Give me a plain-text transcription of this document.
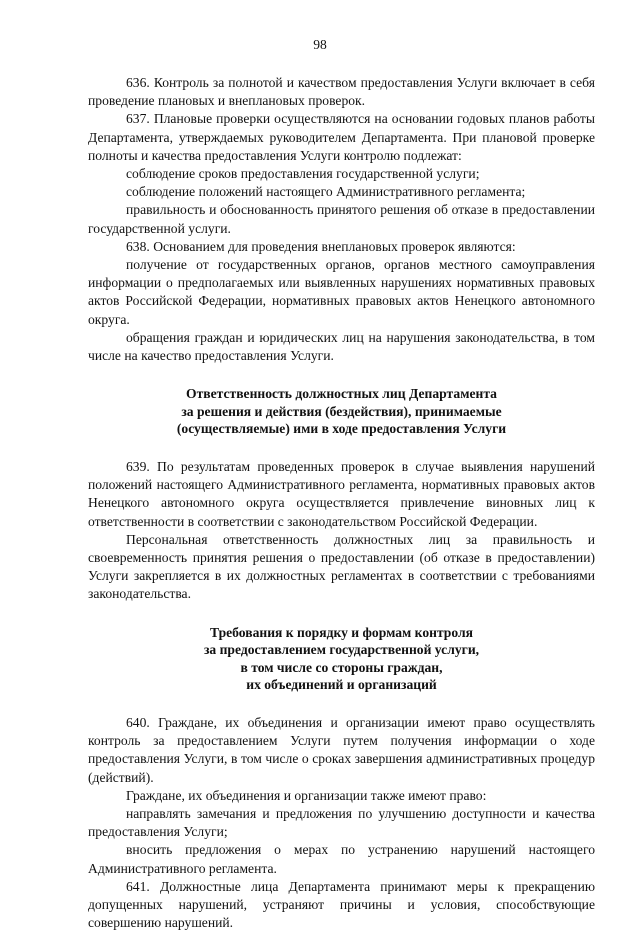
98

636. Контроль за полнотой и качеством предоставления Услуги включает в себя проведение плановых и внеплановых проверок.

637. Плановые проверки осуществляются на основании годовых планов работы Департамента, утверждаемых руководителем Департамента. При плановой проверке полноты и качества предоставления Услуги контролю подлежат:

соблюдение сроков предоставления государственной услуги;

соблюдение положений настоящего Административного регламента;

правильность и обоснованность принятого решения об отказе в предоставлении государственной услуги.

638. Основанием для проведения внеплановых проверок являются:

получение от государственных органов, органов местного самоуправления информации о предполагаемых или выявленных нарушениях нормативных правовых актов Российской Федерации, нормативных правовых актов Ненецкого автономного округа.

обращения граждан и юридических лиц на нарушения законодательства, в том числе на качество предоставления Услуги.

Ответственность должностных лиц Департамента

за решения и действия (бездействия), принимаемые

(осуществляемые) ими в ходе предоставления Услуги

639. По результатам проведенных проверок в случае выявления нарушений положений настоящего Административного регламента, нормативных правовых актов Ненецкого автономного округа осуществляется привлечение виновных лиц к ответственности в соответствии с законодательством Российской Федерации.

Персональная ответственность должностных лиц за правильность и своевременность принятия решения о предоставлении (об отказе в предоставлении) Услуги закрепляется в их должностных регламентах в соответствии с требованиями законодательства.

Требования к порядку и формам контроля

за предоставлением государственной услуги,

в том числе со стороны граждан,

их объединений и организаций

640. Граждане, их объединения и организации имеют право осуществлять контроль за предоставлением Услуги путем получения информации о ходе предоставления Услуги, в том числе о сроках завершения административных процедур (действий).

Граждане, их объединения и организации также имеют право:

направлять замечания и предложения по улучшению доступности и качества предоставления Услуги;

вносить предложения о мерах по устранению нарушений настоящего Административного регламента.

641. Должностные лица Департамента принимают меры к прекращению допущенных нарушений, устраняют причины и условия, способствующие совершению нарушений.
